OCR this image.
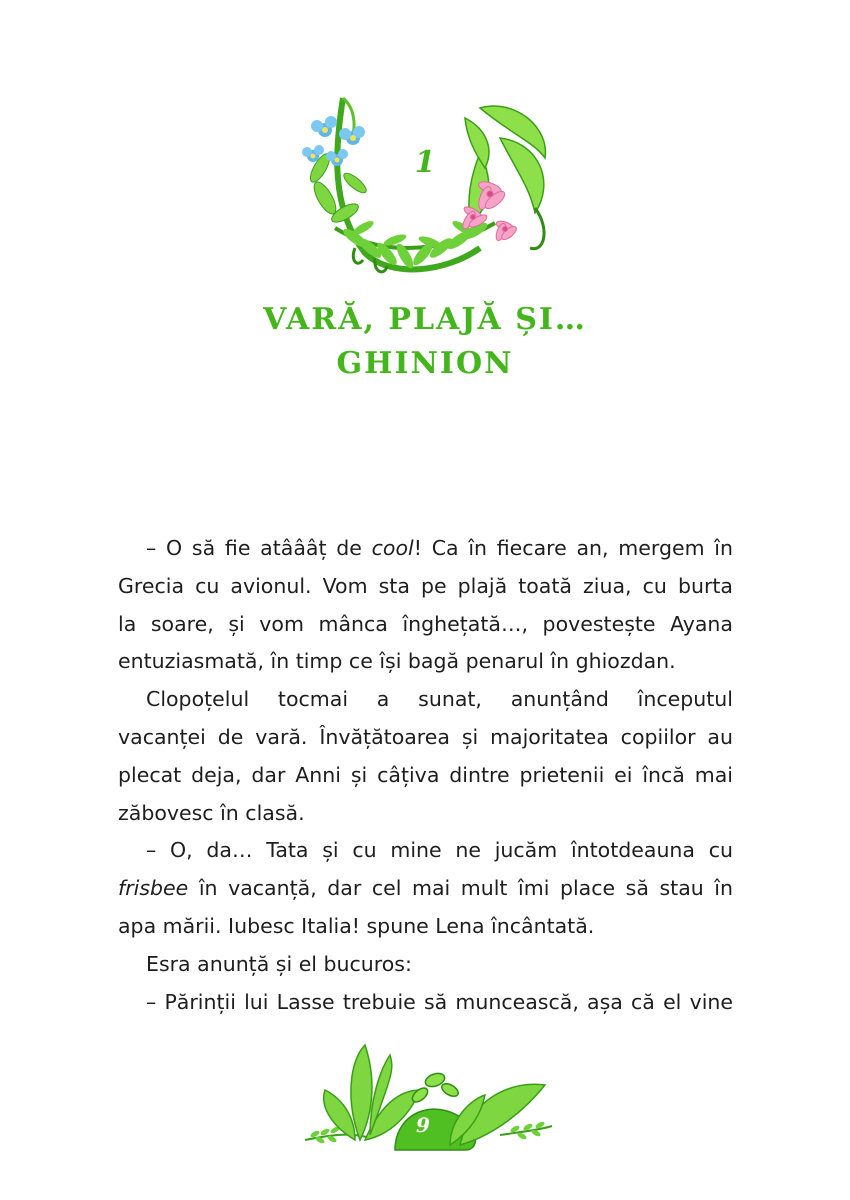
1
VARĂ, PLAJĂ ȘI…
GHINION
– O să fie atâââț de cool! Ca în fiecare an, mergem în
Grecia cu avionul. Vom sta pe plajă toată ziua, cu burta
la soare, și vom mânca înghețată…, povestește Ayana
entuziasmată, în timp ce își bagă penarul în ghiozdan.
Clopoțelul tocmai a sunat, anunțând începutul
vacanței de vară. Învățătoarea și majoritatea copiilor au
plecat deja, dar Anni și câțiva dintre prietenii ei încă mai
zăbovesc în clasă.
– O, da… Tata și cu mine ne jucăm întotdeauna cu
frisbee în vacanță, dar cel mai mult îmi place să stau în
apa mării. Iubesc Italia! spune Lena încântată.
Esra anunță și el bucuros:
– Părinții lui Lasse trebuie să muncească, așa că el vine
9
